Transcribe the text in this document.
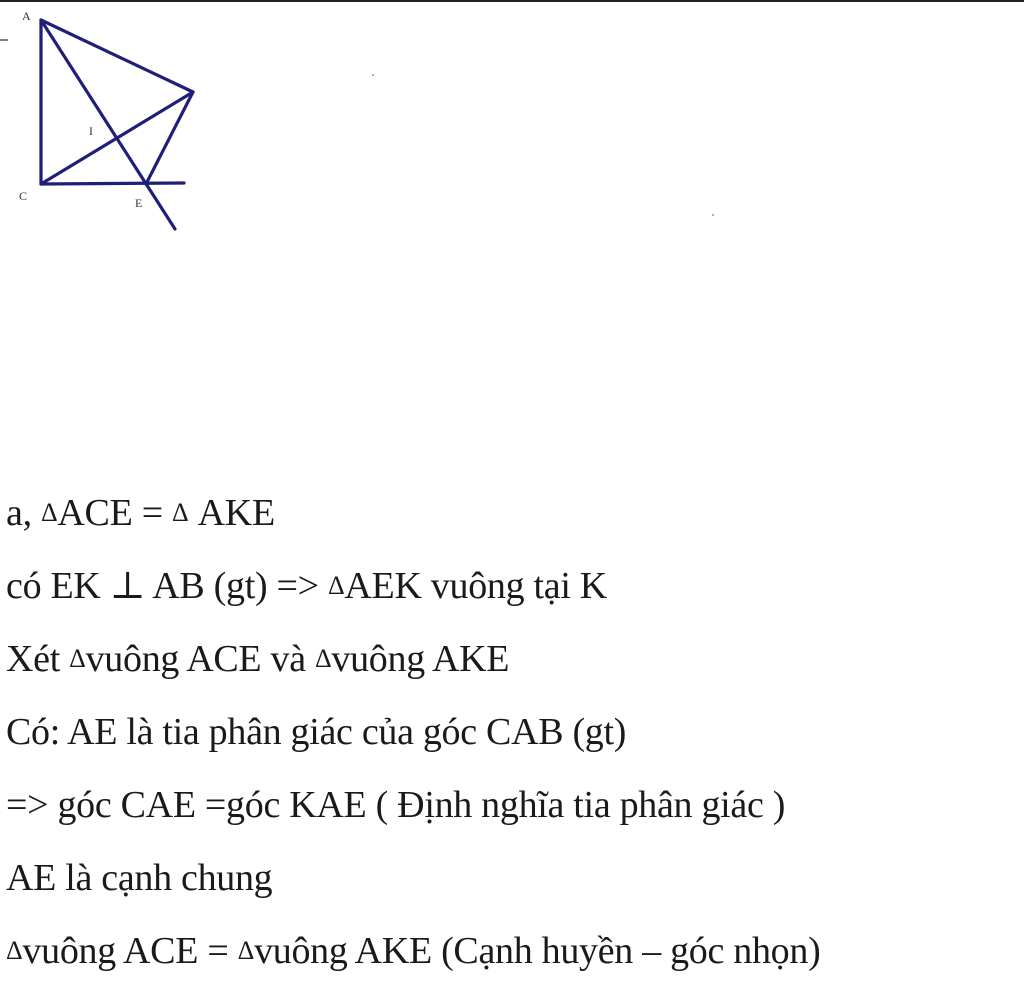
A
I
C	E
a, ΔACE = Δ AKE
có EK ⊥ AB (gt) => ΔAEK vuông tại K
Xét Δvuông ACE và Δvuông AKE
Có: AE là tia phân giác của góc CAB (gt)
=> góc CAE =góc KAE ( Định nghĩa tia phân giác )
AE là cạnh chung
Δvuông ACE = Δvuông AKE (Cạnh huyền – góc nhọn)
